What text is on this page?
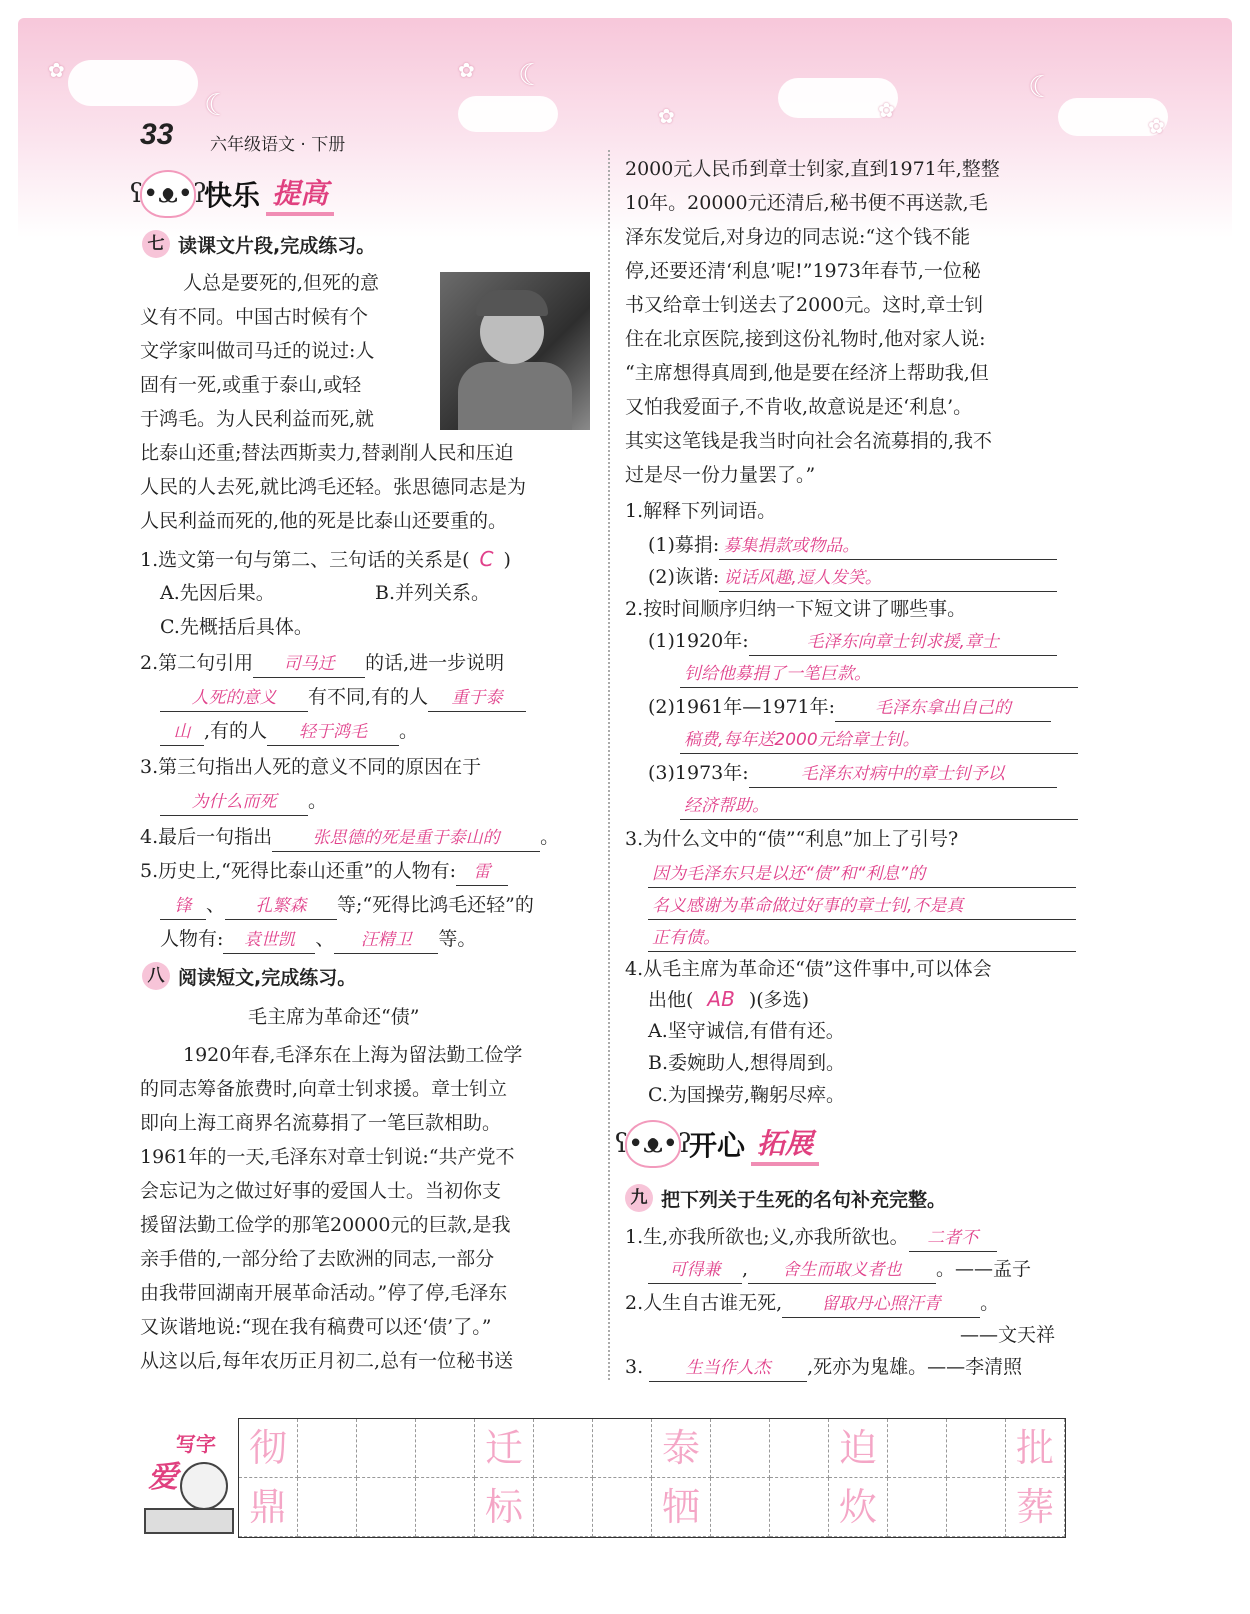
☾
☾	☾
✿	✿
✿	✿
✿
33 六年级语文 · 下册
ʕ•ᴥ•ʔ
快乐 提高
七 读课文片段,完成练习。
人总是要死的,但死的意
义有不同。中国古时候有个
文学家叫做司马迁的说过:人
固有一死,或重于泰山,或轻
于鸿毛。为人民利益而死,就
比泰山还重;替法西斯卖力,替剥削人民和压迫
人民的人去死,就比鸿毛还轻。张思德同志是为
人民利益而死的,他的死是比泰山还要重的。
1.选文第一句与第二、三句话的关系是( C )
A.先因后果。	B.并列关系。
C.先概括后具体。
2.第二句引用 司马迁 的话,进一步说明
人死的意义 有不同,有的人 重于泰
山 ,有的人 轻于鸿毛 。
3.第三句指出人死的意义不同的原因在于
为什么而死 。
4.最后一句指出 张思德的死是重于泰山的 。
5.历史上,“死得比泰山还重”的人物有: 雷
锋 、 孔繁森 等;“死得比鸿毛还轻”的
人物有: 袁世凯 、 汪精卫 等。
八 阅读短文,完成练习。
毛主席为革命还“债”
1920年春,毛泽东在上海为留法勤工俭学
的同志筹备旅费时,向章士钊求援。章士钊立
即向上海工商界名流募捐了一笔巨款相助。
1961年的一天,毛泽东对章士钊说:“共产党不
会忘记为之做过好事的爱国人士。当初你支
援留法勤工俭学的那笔20000元的巨款,是我
亲手借的,一部分给了去欧洲的同志,一部分
由我带回湖南开展革命活动。”停了停,毛泽东
又诙谐地说:“现在我有稿费可以还‘债’了。”
从这以后,每年农历正月初二,总有一位秘书送
2000元人民币到章士钊家,直到1971年,整整
10年。20000元还清后,秘书便不再送款,毛
泽东发觉后,对身边的同志说:“这个钱不能
停,还要还清‘利息’呢!”1973年春节,一位秘
书又给章士钊送去了2000元。这时,章士钊
住在北京医院,接到这份礼物时,他对家人说:
“主席想得真周到,他是要在经济上帮助我,但
又怕我爱面子,不肯收,故意说是还‘利息’。
其实这笔钱是我当时向社会名流募捐的,我不
过是尽一份力量罢了。”
1.解释下列词语。
(1)募捐: 募集捐款或物品。
(2)诙谐: 说话风趣,逗人发笑。
2.按时间顺序归纳一下短文讲了哪些事。
(1)1920年:	毛泽东向章士钊求援,章士
钊给他募捐了一笔巨款。
(2)1961年—1971年: 毛泽东拿出自己的
稿费,每年送2000元给章士钊。
(3)1973年:	毛泽东对病中的章士钊予以
经济帮助。
3.为什么文中的“债”“利息”加上了引号?
因为毛泽东只是以还“债”和“利息”的
名义感谢为革命做过好事的章士钊,不是真
正有债。
4.从毛主席为革命还“债”这件事中,可以体会
出他( AB )(多选)
A.坚守诚信,有借有还。
B.委婉助人,想得周到。
C.为国操劳,鞠躬尽瘁。
ʕ•ᴥ•ʔ
开心 拓展
九 把下列关于生死的名句补充完整。
1.生,亦我所欲也;义,亦我所欲也。 二者不
可得兼 , 舍生而取义者也 。——孟子
2.人生自古谁无死, 留取丹心照汗青 。
——文天祥
3.	生当作人杰 ,死亦为鬼雄。——李清照
写字
爱
彻	迁	泰	迫	批
鼎	标	牺	炊	葬
